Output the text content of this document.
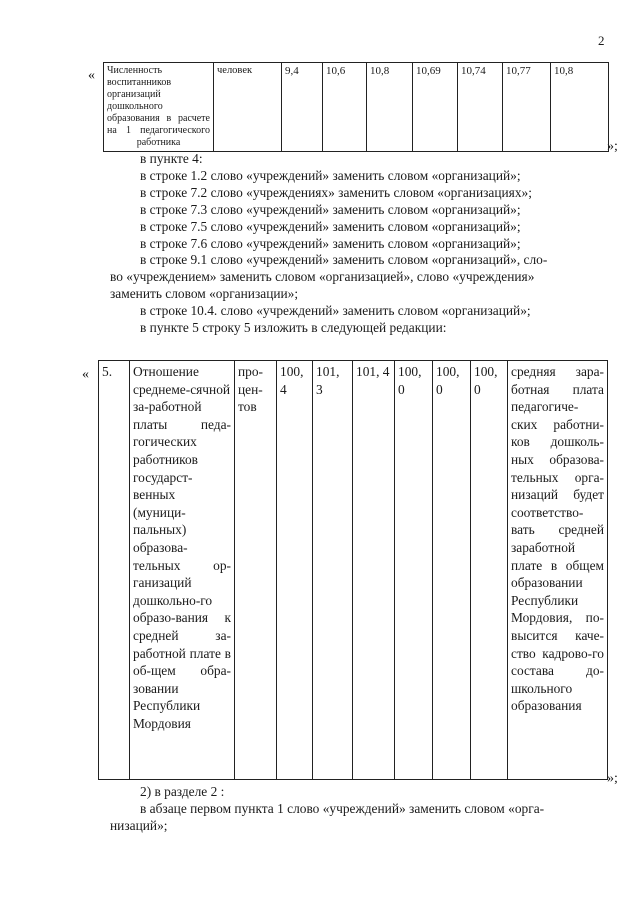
2
«
»;
Численность воспитанников организаций дошкольного образования в расчете на 1 педагогического работника	человек	9,4	10,6	10,8	10,69	10,74	10,77	10,8

в пункте 4:

в строке 1.2 слово «учреждений» заменить словом «организаций»;

в строке 7.2 слово «учреждениях» заменить словом «организациях»;

в строке 7.3 слово «учреждений» заменить словом «организаций»;

в строке 7.5 слово «учреждений» заменить словом «организаций»;

в строке 7.6 слово «учреждений» заменить словом «организаций»;

в строке 9.1 слово «учреждений» заменить словом «организаций», сло-

во «учреждением» заменить словом «организацией», слово «учреждения»

заменить словом «организации»;

в строке 10.4. слово «учреждений» заменить словом «организаций»;

в пункте 5 строку 5 изложить в следующей редакции:

«
»;
5.	Отношение среднеме-сячной за-работной платы педа-гогических работников государст-венных (муници-пальных) образова-тельных ор-ганизаций дошкольно-го образо-вания к средней за-работной плате в об-щем обра-зовании Республики Мордовия	про-цен-тов	100, 4	101, 3	101, 4	100, 0	100, 0	100, 0	средняя зара-ботная плата педагогиче-ских работни-ков дошколь-ных образова-тельных орга-низаций будет соответство-вать средней заработной плате в общем образовании Республики Мордовия, по-высится каче-ство кадрово-го состава до-школьного образования

2) в разделе 2 :

в абзаце первом пункта 1 слово «учреждений» заменить словом «орга-

низаций»;
